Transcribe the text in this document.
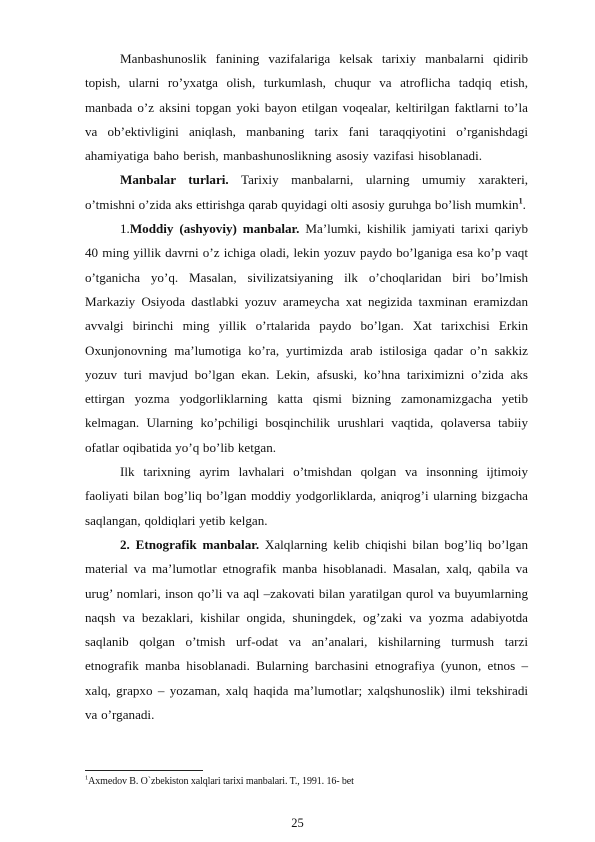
Manbashunoslik fanining vazifalariga kelsak tarixiy manbalarni qidirib topish, ularni ro’yxatga olish, turkumlash, chuqur va atroflicha tadqiq etish, manbada o’z aksini topgan yoki bayon etilgan voqealar, keltirilgan faktlarni to’la va ob’ektivligini aniqlash, manbaning tarix fani taraqqiyotini o’rganishdagi ahamiyatiga baho berish, manbashunoslikning asosiy vazifasi hisoblanadi.

Manbalar turlari. Tarixiy manbalarni, ularning umumiy xarakteri, o’tmishni o’zida aks ettirishga qarab quyidagi olti asosiy guruhga bo’lish mumkin$^1$.

1.Moddiy (ashyoviy) manbalar. Ma’lumki, kishilik jamiyati tarixi qariyb 40 ming yillik davrni o’z ichiga oladi, lekin yozuv paydo bo’lganiga esa ko’p vaqt o’tganicha yo’q. Masalan, sivilizatsiyaning ilk o’choqlaridan biri bo’lmish Markaziy Osiyoda dastlabki yozuv arameycha xat negizida taxminan eramizdan avvalgi birinchi ming yillik o’rtalarida paydo bo’lgan. Xat tarixchisi Erkin Oxunjonovning ma’lumotiga ko’ra, yurtimizda arab istilosiga qadar o’n sakkiz yozuv turi mavjud bo’lgan ekan. Lekin, afsuski, ko’hna tariximizni o’zida aks ettirgan yozma yodgorliklarning katta qismi bizning zamonamizgacha yetib kelmagan. Ularning ko’pchiligi bosqinchilik urushlari vaqtida, qolaversa tabiiy ofatlar oqibatida yo’q bo’lib ketgan.

Ilk tarixning ayrim lavhalari o’tmishdan qolgan va insonning ijtimoiy faoliyati bilan bog’liq bo’lgan moddiy yodgorliklarda, aniqrog’i ularning bizgacha saqlangan, qoldiqlari yetib kelgan.

2. Etnografik manbalar. Xalqlarning kelib chiqishi bilan bog’liq bo’lgan material va ma’lumotlar etnografik manba hisoblanadi. Masalan, xalq, qabila va urug’ nomlari, inson qo’li va aql –zakovati bilan yaratilgan qurol va buyumlarning naqsh va bezaklari, kishilar ongida, shuningdek, og’zaki va yozma adabiyotda saqlanib qolgan o’tmish urf-odat va an’analari, kishilarning turmush tarzi etnografik manba hisoblanadi. Bularning barchasini etnografiya (yunon, etnos – xalq, grapxo – yozaman, xalq haqida ma’lumotlar; xalqshunoslik) ilmi tekshiradi va o’rganadi.

$^1$Axmedov B. O`zbekiston xalqlari tarixi manbalari. T., 1991. 16- bet

25
